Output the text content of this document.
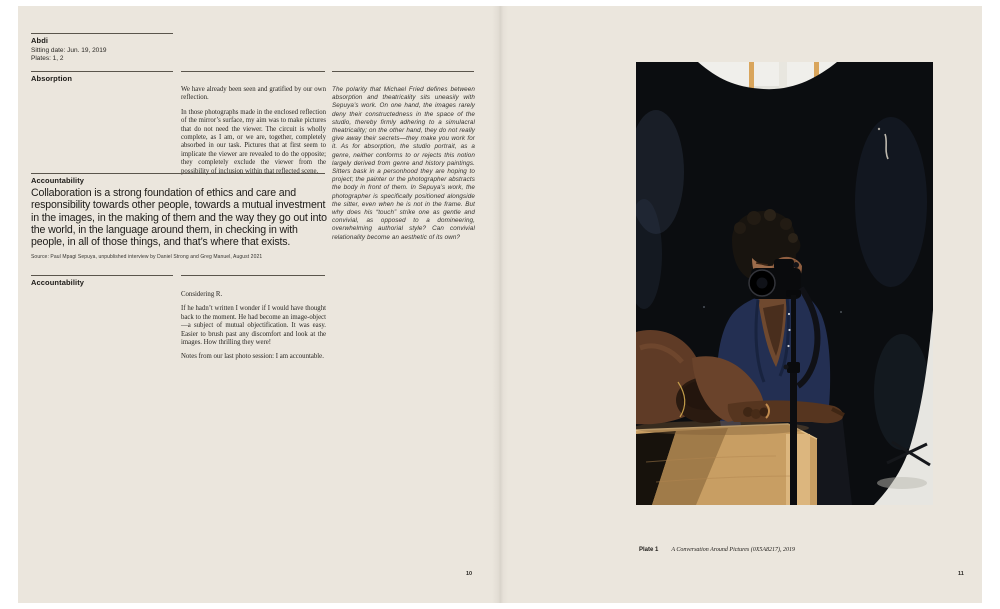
Abdi
Sitting date: Jun. 19, 2019
Plates: 1, 2
Absorption

We have already been seen and gratified by our own reflection.

In those photographs made in the enclosed reflection of the mirror’s surface, my aim was to make pictures that do not need the viewer. The circuit is wholly complete, as I am, or we are, together, completely absorbed in our task. Pictures that at first seem to implicate the viewer are revealed to do the opposite; they completely exclude the viewer from the possibility of inclusion within that reflected scene.

The polarity that Michael Fried defines between absorption and theatricality sits uneasily with Sepuya’s work. On one hand, the images rarely deny their constructedness in the space of the studio, thereby firmly adhering to a simulacral theatricality; on the other hand, they do not really give away their secrets—they make you work for it. As for absorption, the studio portrait, as a genre, neither conforms to or rejects this notion largely derived from genre and history paintings. Sitters bask in a personhood they are hoping to project; the painter or the photographer abstracts the body in front of them. In Sepuya’s work, the photographer is specifically positioned alongside the sitter, even when he is not in the frame. But why does his “touch” strike one as gentle and convivial, as opposed to a domineering, overwhelming authorial style? Can convivial relationality become an aesthetic of its own?
Accountability
Collaboration is a strong foundation of ethics and care and responsibility towards other people, towards a mutual investment in the images, in the making of them and the way they go out into the world, in the language around them, in checking in with people, in all of those things, and that’s where that exists.
Source: Paul Mpagi Sepuya, unpublished interview by Daniel Strong and Greg Manuel, August 2021
Accountability

Considering R.

If he hadn’t written I wonder if I would have thought back to the moment. He had become an image-object—a subject of mutual objectification. It was easy. Easier to brush past any discomfort and look at the images. How thrilling they were!

Notes from our last photo session: I am accountable.

10
Plate 1 A Conversation Around Pictures (0X5A8217), 2019
11
